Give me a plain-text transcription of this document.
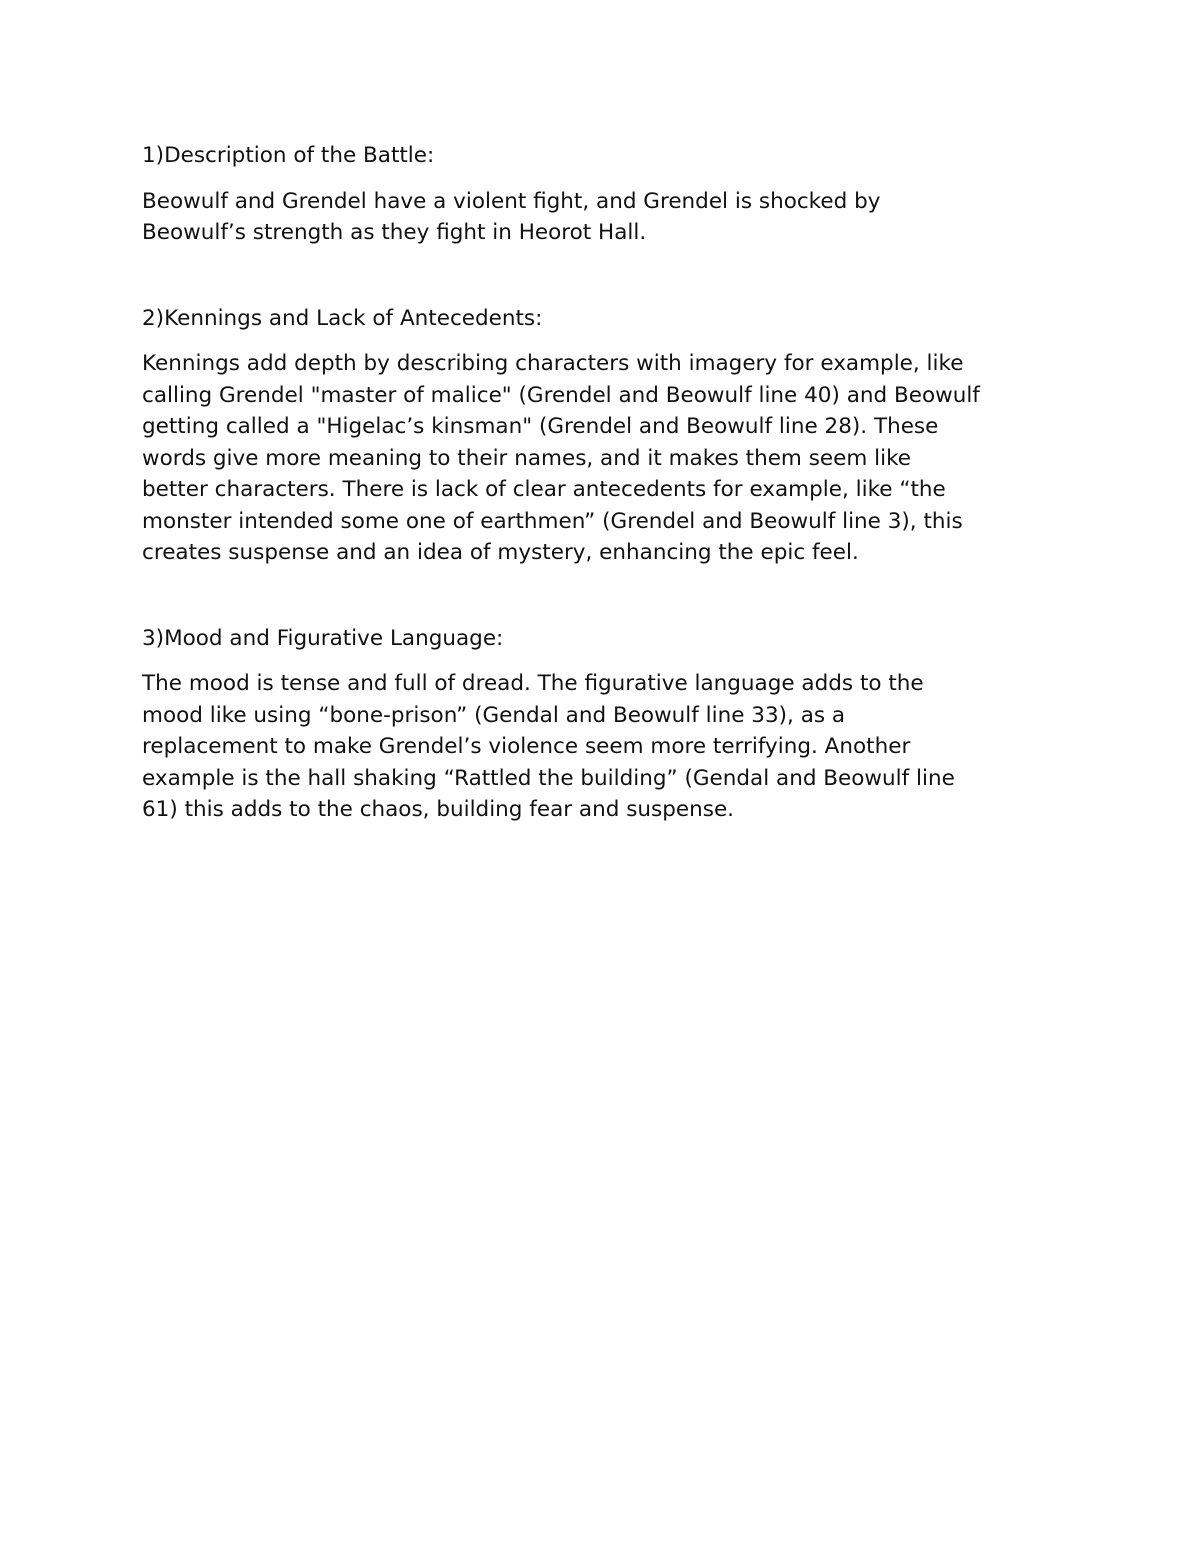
1)Description of the Battle:

Beowulf and Grendel have a violent fight, and Grendel is shocked by
Beowulf’s strength as they fight in Heorot Hall.

2)Kennings and Lack of Antecedents:

Kennings add depth by describing characters with imagery for example, like
calling Grendel "master of malice" (Grendel and Beowulf line 40) and Beowulf
getting called a "Higelac’s kinsman" (Grendel and Beowulf line 28). These
words give more meaning to their names, and it makes them seem like
better characters. There is lack of clear antecedents for example, like “the
monster intended some one of earthmen” (Grendel and Beowulf line 3), this
creates suspense and an idea of mystery, enhancing the epic feel.

3)Mood and Figurative Language:

The mood is tense and full of dread. The figurative language adds to the
mood like using “bone-prison” (Gendal and Beowulf line 33), as a
replacement to make Grendel’s violence seem more terrifying. Another
example is the hall shaking “Rattled the building” (Gendal and Beowulf line
61) this adds to the chaos, building fear and suspense.
